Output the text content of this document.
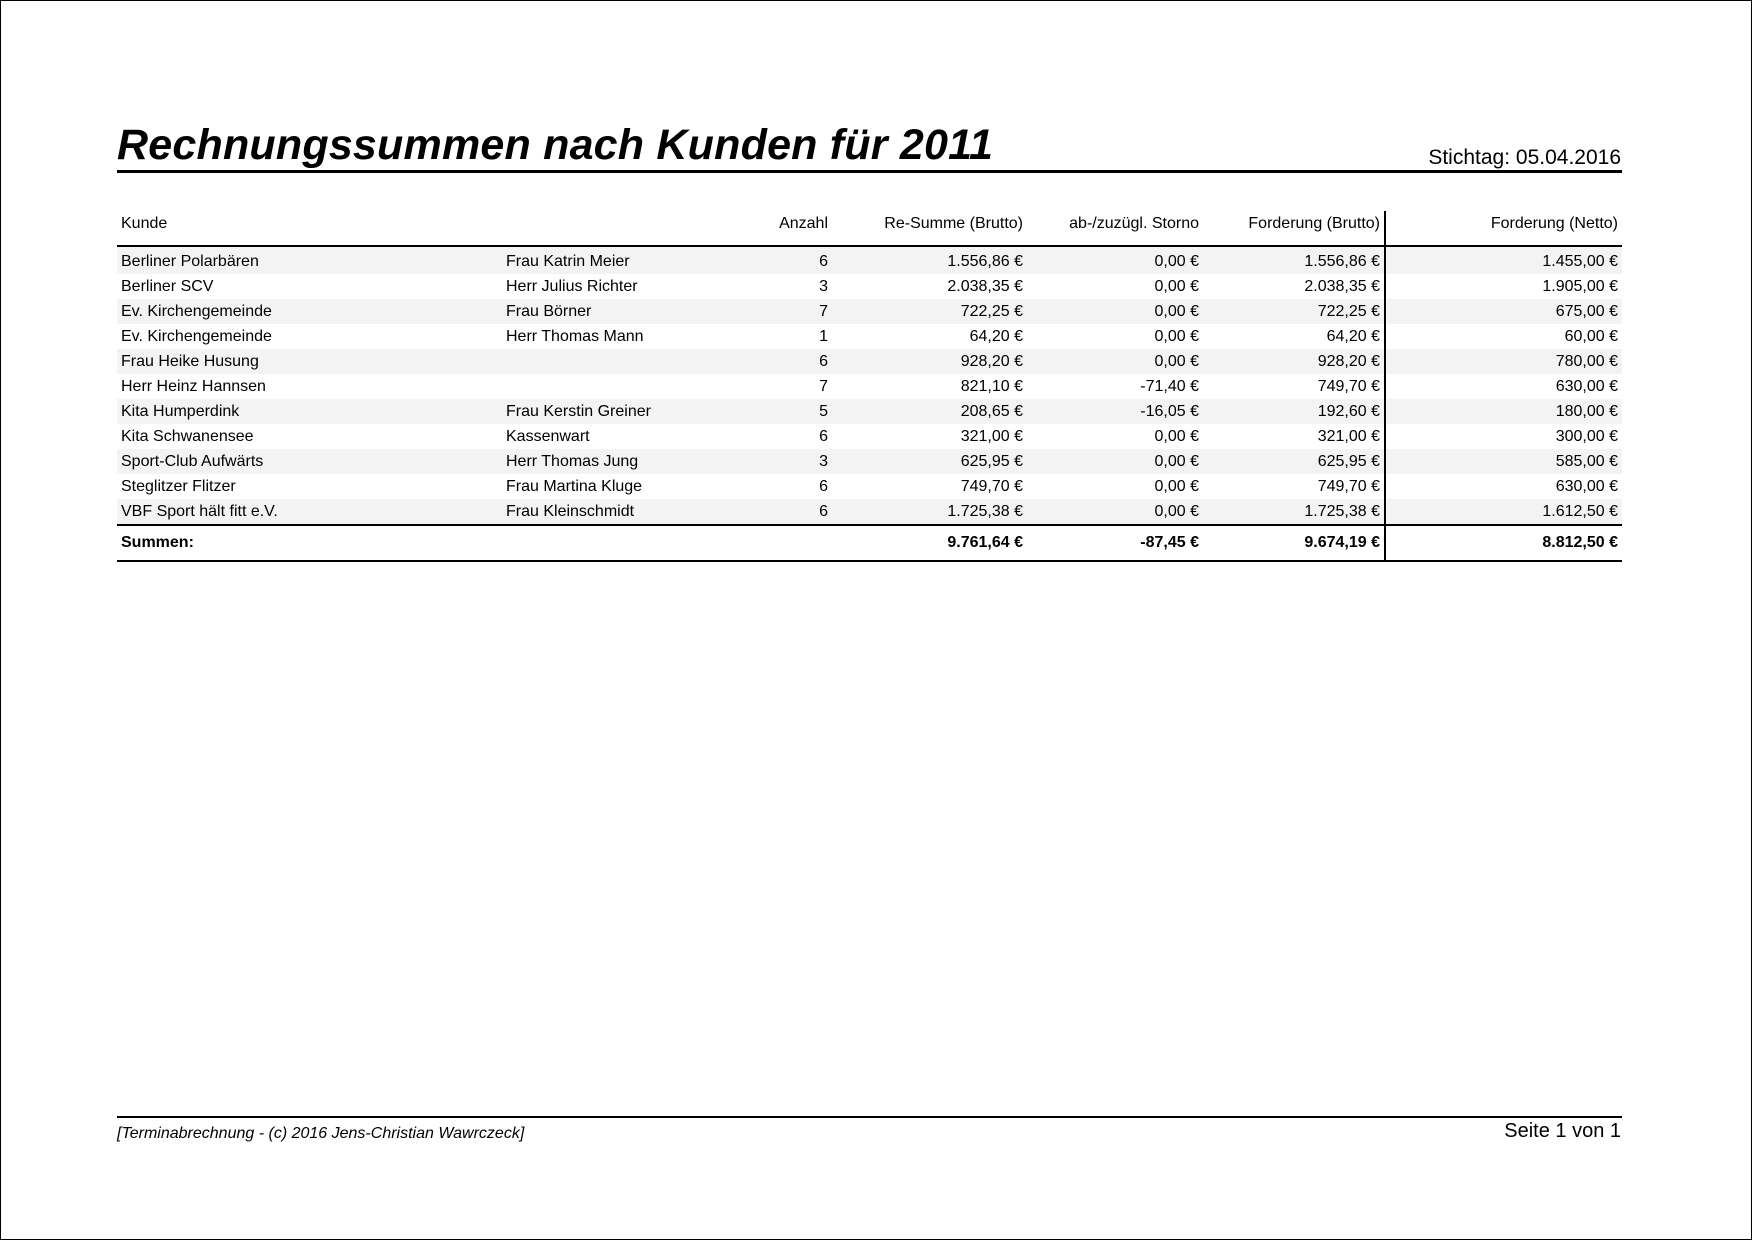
Rechnungssummen nach Kunden für 2011	Stichtag: 05.04.2016
Kunde		Anzahl	Re-Summe (Brutto)	ab-/zuzügl. Storno	Forderung (Brutto)	Forderung (Netto)
Berliner Polarbären	Frau Katrin Meier	6	1.556,86 €	0,00 €	1.556,86 €	1.455,00 €
Berliner SCV	Herr Julius Richter	3	2.038,35 €	0,00 €	2.038,35 €	1.905,00 €
Ev. Kirchengemeinde	Frau Börner	7	722,25 €	0,00 €	722,25 €	675,00 €
Ev. Kirchengemeinde	Herr Thomas Mann	1	64,20 €	0,00 €	64,20 €	60,00 €
Frau Heike Husung		6	928,20 €	0,00 €	928,20 €	780,00 €
Herr Heinz Hannsen		7	821,10 €	-71,40 €	749,70 €	630,00 €
Kita Humperdink	Frau Kerstin Greiner	5	208,65 €	-16,05 €	192,60 €	180,00 €
Kita Schwanensee	Kassenwart	6	321,00 €	0,00 €	321,00 €	300,00 €
Sport-Club Aufwärts	Herr Thomas Jung	3	625,95 €	0,00 €	625,95 €	585,00 €
Steglitzer Flitzer	Frau Martina Kluge	6	749,70 €	0,00 €	749,70 €	630,00 €
VBF Sport hält fitt e.V.	Frau Kleinschmidt	6	1.725,38 €	0,00 €	1.725,38 €	1.612,50 €
Summen:			9.761,64 €	-87,45 €	9.674,19 €	8.812,50 €
[Terminabrechnung - (c) 2016 Jens-Christian Wawrczeck]	Seite 1 von 1
